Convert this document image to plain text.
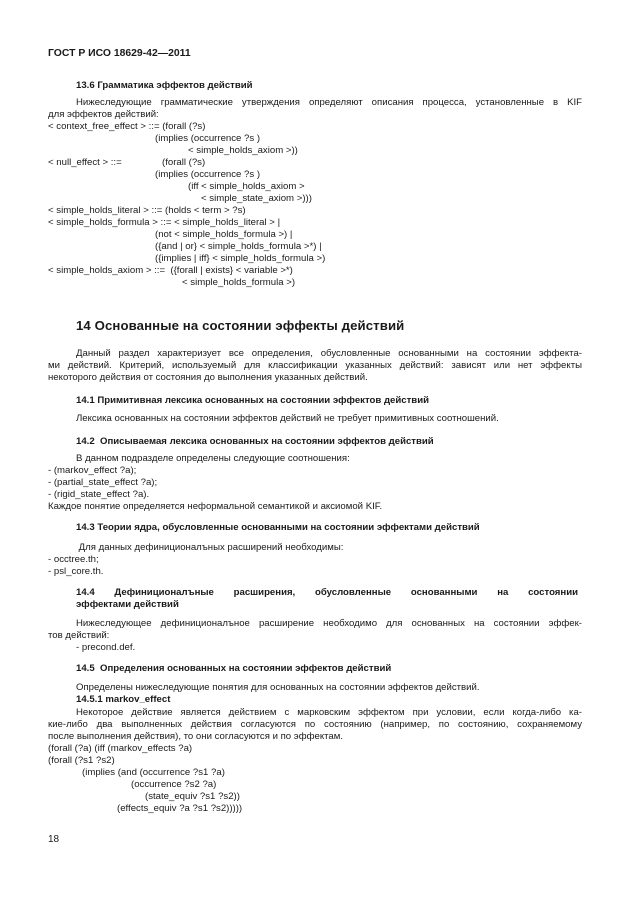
ГОСТ Р ИСО 18629-42—2011
13.6 Грамматика эффектов действий
Нижеследующие грамматические утверждения определяют описания процесса, установленные в KIF
для эффектов действий:
< context_free_effect > ::= (forall (?s)
(implies (occurrence ?s )
< simple_holds_axiom >))
< null_effect > ::=	(forall (?s)
(implies (occurrence ?s )
(iff < simple_holds_axiom >
< simple_state_axiom >)))
< simple_holds_literal > ::= (holds < term > ?s)
< simple_holds_formula > ::= < simple_holds_literal > |
(not < simple_holds_formula >) |
({and | or} < simple_holds_formula >*) |
({implies | iff} < simple_holds_formula >)
< simple_holds_axiom > ::=  ({forall | exists} < variable >*)
< simple_holds_formula >)
14 Основанные на состоянии эффекты действий
Данный раздел характеризует все определения, обусловленные основанными на состоянии эффекта-
ми действий. Критерий, используемый для классификации указанных действий: зависят или нет эффекты
некоторого действия от состояния до выполнения указанных действий.
14.1 Примитивная лексика основанных на состоянии эффектов действий
Лексика основанных на состоянии эффектов действий не требует примитивных соотношений.
14.2  Описываемая лексика основанных на состоянии эффектов действий
В данном подразделе определены следующие соотношения:
- (markov_effect ?a);
- (partial_state_effect ?a);
- (rigid_state_effect ?a).
Каждое понятие определяется неформальной семантикой и аксиомой KIF.
14.3 Теории ядра, обусловленные основанными на состоянии эффектами действий
Для данных дефиниционалъных расширений необходимы:
- occtree.th;
- psl_core.th.
14.4 Дефиниционалъные расширения, обусловленные основанными на состоянии
эффектами действий
Нижеследующее дефиниционалъное расширение необходимо для основанных на состоянии эффек-
тов действий:
- precond.def.
14.5  Определения основанных на состоянии эффектов действий
Определены нижеследующие понятия для основанных на состоянии эффектов действий.
14.5.1 markov_effect
Некоторое действие является действием с марковским эффектом при условии, если когда-либо ка-
кие-либо два выполненных действия согласуются по состоянию (например, по состоянию, сохраняемому
после выполнения действия), то они согласуются и по эффектам.
(forall (?a) (iff (markov_effects ?a)
(forall (?s1 ?s2)
(implies (and (occurrence ?s1 ?a)
(occurrence ?s2 ?a)
(state_equiv ?s1 ?s2))
(effects_equiv ?a ?s1 ?s2)))))
18
